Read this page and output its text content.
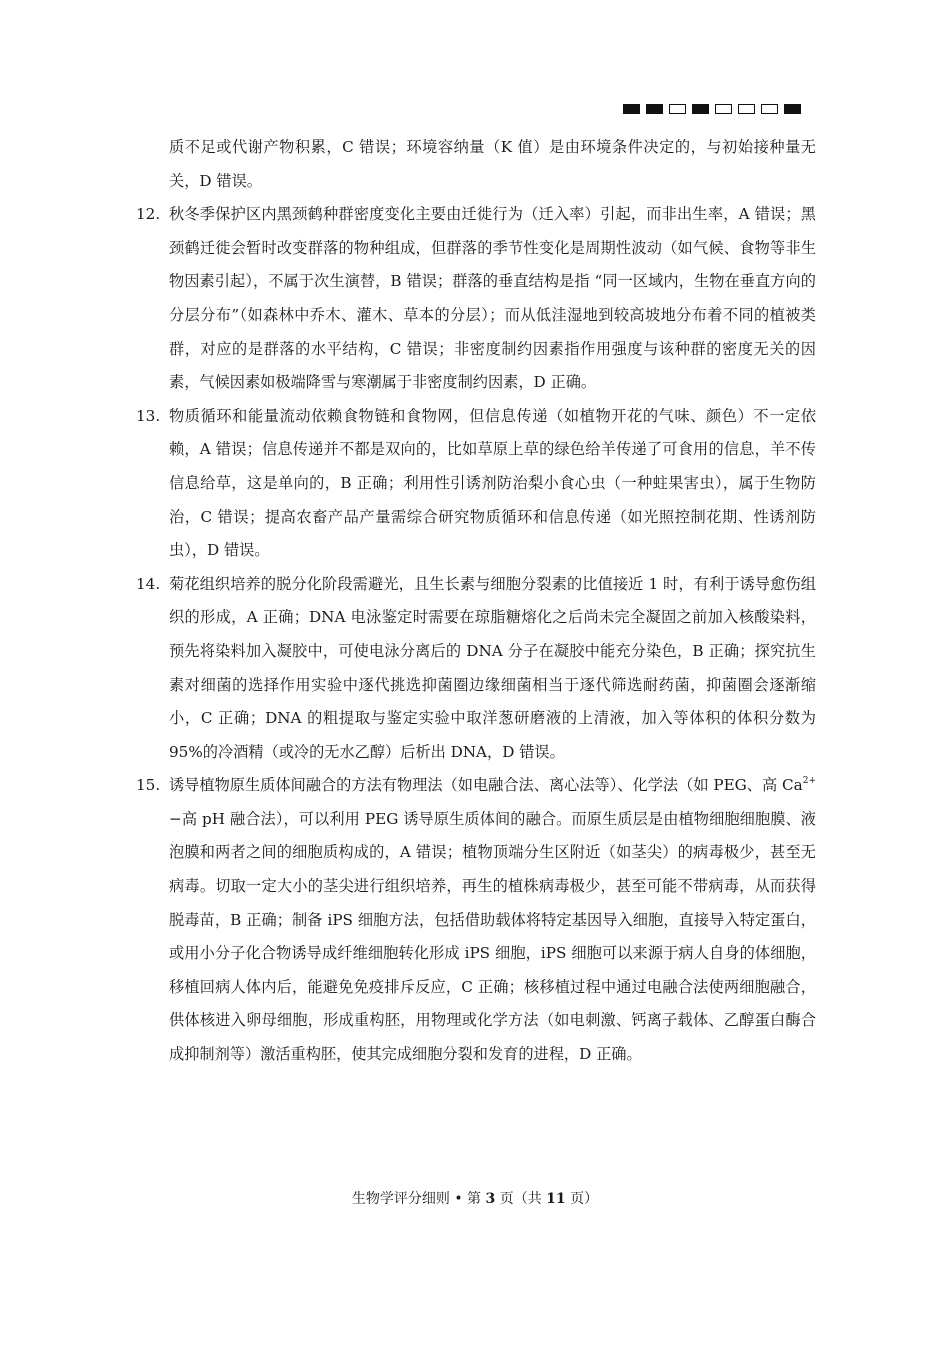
质不足或代谢产物积累，C 错误；环境容纳量（K 值）是由环境条件决定的，与初始接种量无关，D 错误。

12. 秋冬季保护区内黑颈鹤种群密度变化主要由迁徙行为（迁入率）引起，而非出生率，A 错误；黑颈鹤迁徙会暂时改变群落的物种组成，但群落的季节性变化是周期性波动（如气候、食物等非生物因素引起），不属于次生演替，B 错误；群落的垂直结构是指 “同一区域内，生物在垂直方向的分层分布”（如森林中乔木、灌木、草本的分层）；而从低洼湿地到较高坡地分布着不同的植被类群，对应的是群落的水平结构，C 错误；非密度制约因素指作用强度与该种群的密度无关的因素，气候因素如极端降雪与寒潮属于非密度制约因素，D 正确。

13. 物质循环和能量流动依赖食物链和食物网，但信息传递（如植物开花的气味、颜色）不一定依赖，A 错误；信息传递并不都是双向的，比如草原上草的绿色给羊传递了可食用的信息，羊不传信息给草，这是单向的，B 正确；利用性引诱剂防治梨小食心虫（一种蛀果害虫），属于生物防治，C 错误；提高农畜产品产量需综合研究物质循环和信息传递（如光照控制花期、性诱剂防虫），D 错误。

14. 菊花组织培养的脱分化阶段需避光，且生长素与细胞分裂素的比值接近 1 时，有利于诱导愈伤组织的形成，A 正确；DNA 电泳鉴定时需要在琼脂糖熔化之后尚未完全凝固之前加入核酸染料，预先将染料加入凝胶中，可使电泳分离后的 DNA 分子在凝胶中能充分染色，B 正确；探究抗生素对细菌的选择作用实验中逐代挑选抑菌圈边缘细菌相当于逐代筛选耐药菌，抑菌圈会逐渐缩小，C 正确；DNA 的粗提取与鉴定实验中取洋葱研磨液的上清液，加入等体积的体积分数为 95%的冷酒精（或冷的无水乙醇）后析出 DNA，D 错误。

15. 诱导植物原生质体间融合的方法有物理法（如电融合法、离心法等）、化学法（如 PEG、高 $Ca^{2+}-$高 pH 融合法），可以利用 PEG 诱导原生质体间的融合。而原生质层是由植物细胞细胞膜、液泡膜和两者之间的细胞质构成的，A 错误；植物顶端分生区附近（如茎尖）的病毒极少，甚至无病毒。切取一定大小的茎尖进行组织培养，再生的植株病毒极少，甚至可能不带病毒，从而获得脱毒苗，B 正确；制备 iPS 细胞方法，包括借助载体将特定基因导入细胞，直接导入特定蛋白，或用小分子化合物诱导成纤维细胞转化形成 iPS 细胞，iPS 细胞可以来源于病人自身的体细胞，移植回病人体内后，能避免免疫排斥反应，C 正确；核移植过程中通过电融合法使两细胞融合，供体核进入卵母细胞，形成重构胚，用物理或化学方法（如电刺激、钙离子载体、乙醇蛋白酶合成抑制剂等）激活重构胚，使其完成细胞分裂和发育的进程，D 正确。

生物学评分细则 • 第 3 页（共 11 页）
